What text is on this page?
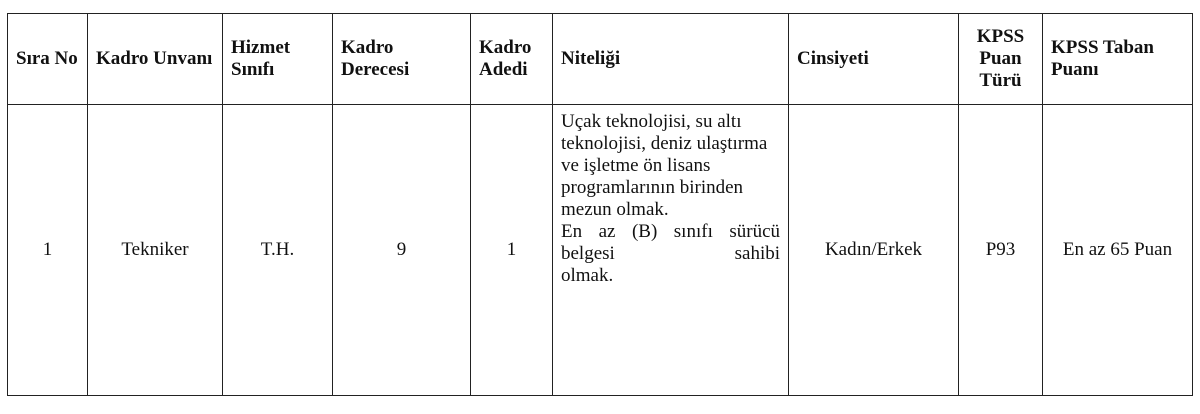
Sıra No	Kadro Unvanı	Hizmet Sınıfı	Kadro Derecesi	Kadro Adedi	Niteliği	Cinsiyeti	KPSS Puan Türü	KPSS Taban Puanı
1	Tekniker	T.H.	9	1	Uçak teknolojisi, su altı teknolojisi, deniz ulaştırma ve işletme ön lisans programlarının birinden mezun olmak.
En az (B) sınıfı sürücü belgesi sahibi
olmak.	Kadın/Erkek	P93	En az 65 Puan
